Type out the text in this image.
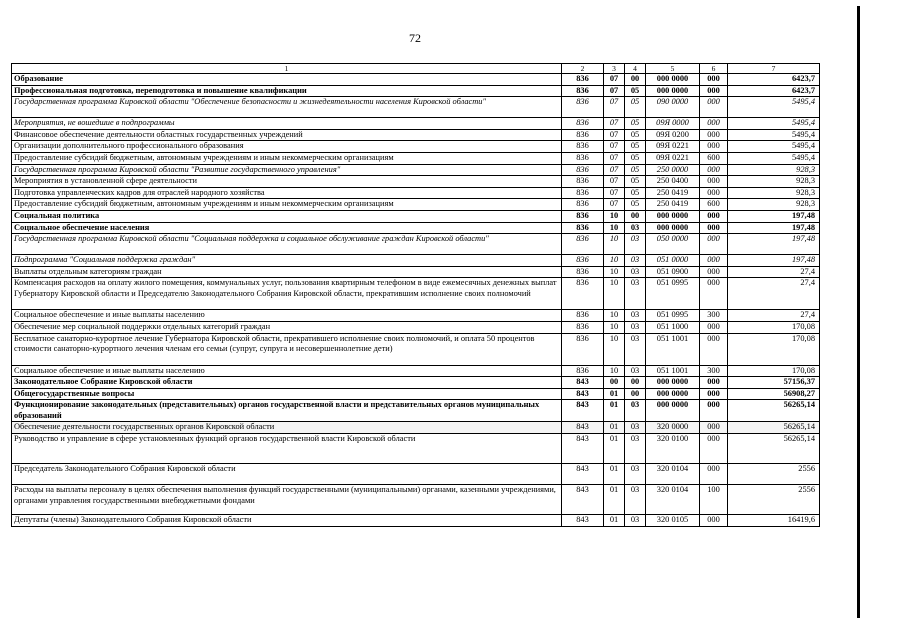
72
1	2	3	4	5	6	7
Образование	836	07	00	000 0000	000	6423,7
Профессиональная подготовка, переподготовка и повышение квалификации	836	07	05	000 0000	000	6423,7
Государственная программа Кировской области "Обеспечение безопасности и жизнедеятельности населения Кировской области"	836	07	05	090 0000	000	5495,4
Мероприятия, не вошедшие в подпрограммы	836	07	05	09Я 0000	000	5495,4
Финансовое обеспечение деятельности областных государственных учреждений	836	07	05	09Я 0200	000	5495,4
Организации дополнительного профессионального образования	836	07	05	09Я 0221	000	5495,4
Предоставление субсидий бюджетным, автономным учреждениям и иным некоммерческим организациям	836	07	05	09Я 0221	600	5495,4
Государственная программа Кировской области "Развитие государственного управления"	836	07	05	250 0000	000	928,3
Мероприятия в установленной сфере деятельности	836	07	05	250 0400	000	928,3
Подготовка управленческих кадров для отраслей народного хозяйства	836	07	05	250 0419	000	928,3
Предоставление субсидий бюджетным, автономным учреждениям и иным некоммерческим организациям	836	07	05	250 0419	600	928,3
Социальная политика	836	10	00	000 0000	000	197,48
Социальное обеспечение населения	836	10	03	000 0000	000	197,48
Государственная программа Кировской области "Социальная поддержка и социальное обслуживание граждан Кировской области"	836	10	03	050 0000	000	197,48
Подпрограмма "Социальная поддержка граждан"	836	10	03	051 0000	000	197,48
Выплаты отдельным категориям граждан	836	10	03	051 0900	000	27,4
Компенсация расходов на оплату жилого помещения, коммунальных услуг, пользования квартирным телефоном в виде ежемесячных денежных выплат Губернатору Кировской области и Председателю Законодательного Собрания Кировской области, прекратившим исполнение своих полномочий	836	10	03	051 0995	000	27,4
Социальное обеспечение и иные выплаты населению	836	10	03	051 0995	300	27,4
Обеспечение мер социальной поддержки отдельных категорий граждан	836	10	03	051 1000	000	170,08
Бесплатное санаторно-курортное лечение Губернатора Кировской области, прекратившего исполнение своих полномочий, и оплата 50 процентов стоимости санаторно-курортного лечения членам его семьи (супруг, супруга и несовершеннолетние дети)	836	10	03	051 1001	000	170,08
Социальное обеспечение и иные выплаты населению	836	10	03	051 1001	300	170,08
Законодательное Собрание Кировской области	843	00	00	000 0000	000	57156,37
Общегосударственные вопросы	843	01	00	000 0000	000	56908,27
Функционирование законодательных (представительных) органов государственной власти и представительных органов муниципальных образований	843	01	03	000 0000	000	56265,14
Обеспечение деятельности государственных органов Кировской области	843	01	03	320 0000	000	56265,14
Руководство и управление в сфере установленных функций органов государственной власти Кировской области	843	01	03	320 0100	000	56265,14
Председатель Законодательного Собрания Кировской области	843	01	03	320 0104	000	2556
Расходы на выплаты персоналу в целях обеспечения выполнения функций государственными (муниципальными) органами, казенными учреждениями, органами управления государственными внебюджетными фондами	843	01	03	320 0104	100	2556
Депутаты (члены) Законодательного Собрания Кировской области	843	01	03	320 0105	000	16419,6
